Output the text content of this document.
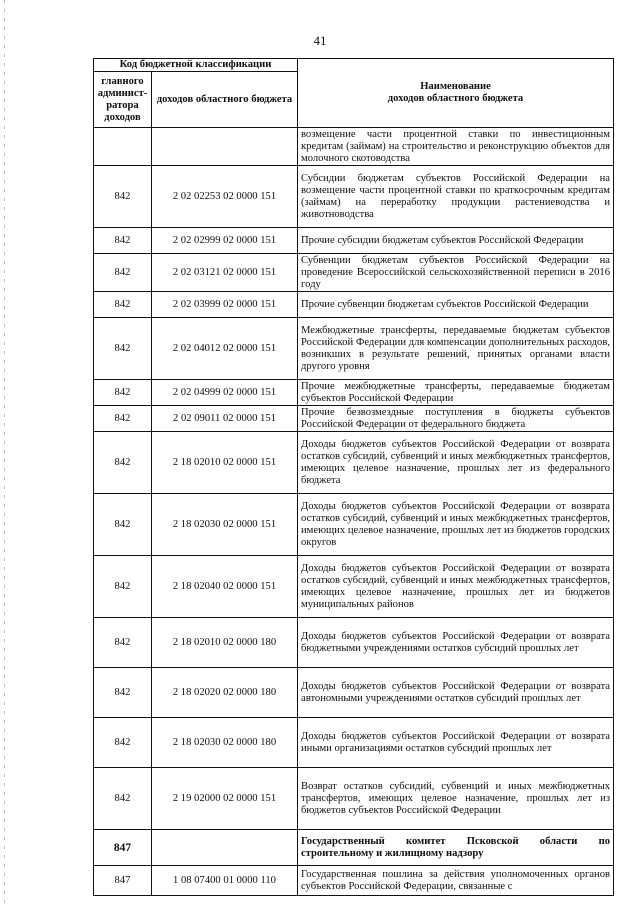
41
Код бюджетной классификации		Наименование
доходов областного бюджета

главного админист-ратора доходов	доходов областного бюджета	
		возмещение части процентной ставки по инвестиционным кредитам (займам) на строительство и реконструкцию объектов для молочного скотоводства
842	2 02 02253 02 0000 151	Субсидии бюджетам субъектов Российской Федерации на возмещение части процентной ставки по краткосрочным кредитам (займам) на переработку продукции растениеводства и животноводства
842	2 02 02999 02 0000 151	Прочие субсидии бюджетам субъектов Российской Федерации
842	2 02 03121 02 0000 151	Субвенции бюджетам субъектов Российской Федерации на проведение Всероссийской сельскохозяйственной переписи в 2016 году
842	2 02 03999 02 0000 151	Прочие субвенции бюджетам субъектов Российской Федерации
842	2 02 04012 02 0000 151	Межбюджетные трансферты, передаваемые бюджетам субъектов Российской Федерации для компенсации дополнительных расходов, возникших в результате решений, принятых органами власти другого уровня
842	2 02 04999 02 0000 151	Прочие межбюджетные трансферты, передаваемые бюджетам субъектов Российской Федерации
842	2 02 09011 02 0000 151	Прочие безвозмездные поступления в бюджеты субъектов Российской Федерации от федерального бюджета
842	2 18 02010 02 0000 151	Доходы бюджетов субъектов Российской Федерации от возврата остатков субсидий, субвенций и иных межбюджетных трансфертов, имеющих целевое назначение, прошлых лет из федерального бюджета
842	2 18 02030 02 0000 151	Доходы бюджетов субъектов Российской Федерации от возврата остатков субсидий, субвенций и иных межбюджетных трансфертов, имеющих целевое назначение, прошлых лет из бюджетов городских округов
842	2 18 02040 02 0000 151	Доходы бюджетов субъектов Российской Федерации от возврата остатков субсидий, субвенций и иных межбюджетных трансфертов, имеющих целевое назначение, прошлых лет из бюджетов муниципальных районов
842	2 18 02010 02 0000 180	Доходы бюджетов субъектов Российской Федерации от возврата бюджетными учреждениями остатков субсидий прошлых лет
842	2 18 02020 02 0000 180	Доходы бюджетов субъектов Российской Федерации от возврата автономными учреждениями остатков субсидий прошлых лет
842	2 18 02030 02 0000 180	Доходы бюджетов субъектов Российской Федерации от возврата иными организациями остатков субсидий прошлых лет
842	2 19 02000 02 0000 151	Возврат остатков субсидий, субвенций и иных межбюджетных трансфертов, имеющих целевое назначение, прошлых лет из бюджетов субъектов Российской Федерации
847		Государственный комитет Псковской области по строительному и жилищному надзору
847	1 08 07400 01 0000 110	Государственная пошлина за действия уполномоченных органов субъектов Российской Федерации, связанные с
